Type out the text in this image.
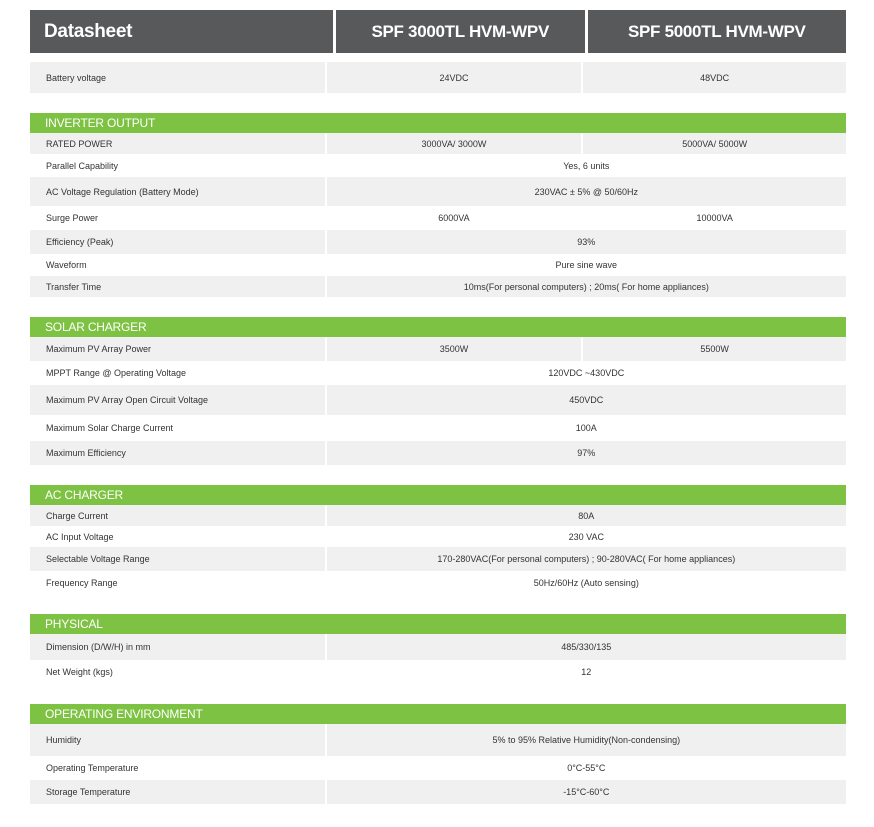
Datasheet	SPF 3000TL HVM-WPV	SPF 5000TL HVM-WPV
Battery voltage	24VDC	48VDC
INVERTER OUTPUT
RATED POWER	3000VA/ 3000W	5000VA/ 5000W
Parallel Capability	Yes, 6 units
AC Voltage Regulation (Battery Mode)	230VAC ± 5% @ 50/60Hz
Surge Power	6000VA	10000VA
Efficiency (Peak)	93%
Waveform	Pure sine wave
Transfer Time	10ms(For personal computers) ; 20ms( For home appliances)
SOLAR CHARGER
Maximum PV Array Power	3500W	5500W
MPPT Range @ Operating Voltage	120VDC ~430VDC
Maximum PV Array Open Circuit Voltage	450VDC
Maximum Solar Charge Current	100A
Maximum Efficiency	97%
AC CHARGER
Charge Current	80A
AC Input Voltage	230 VAC
Selectable Voltage Range	170-280VAC(For personal computers) ; 90-280VAC( For home appliances)
Frequency Range	50Hz/60Hz (Auto sensing)
PHYSICAL
Dimension (D/W/H) in mm	485/330/135
Net Weight (kgs)	12
OPERATING ENVIRONMENT
Humidity	5% to 95% Relative Humidity(Non-condensing)
Operating Temperature	0°C-55°C
Storage Temperature	-15°C-60°C
